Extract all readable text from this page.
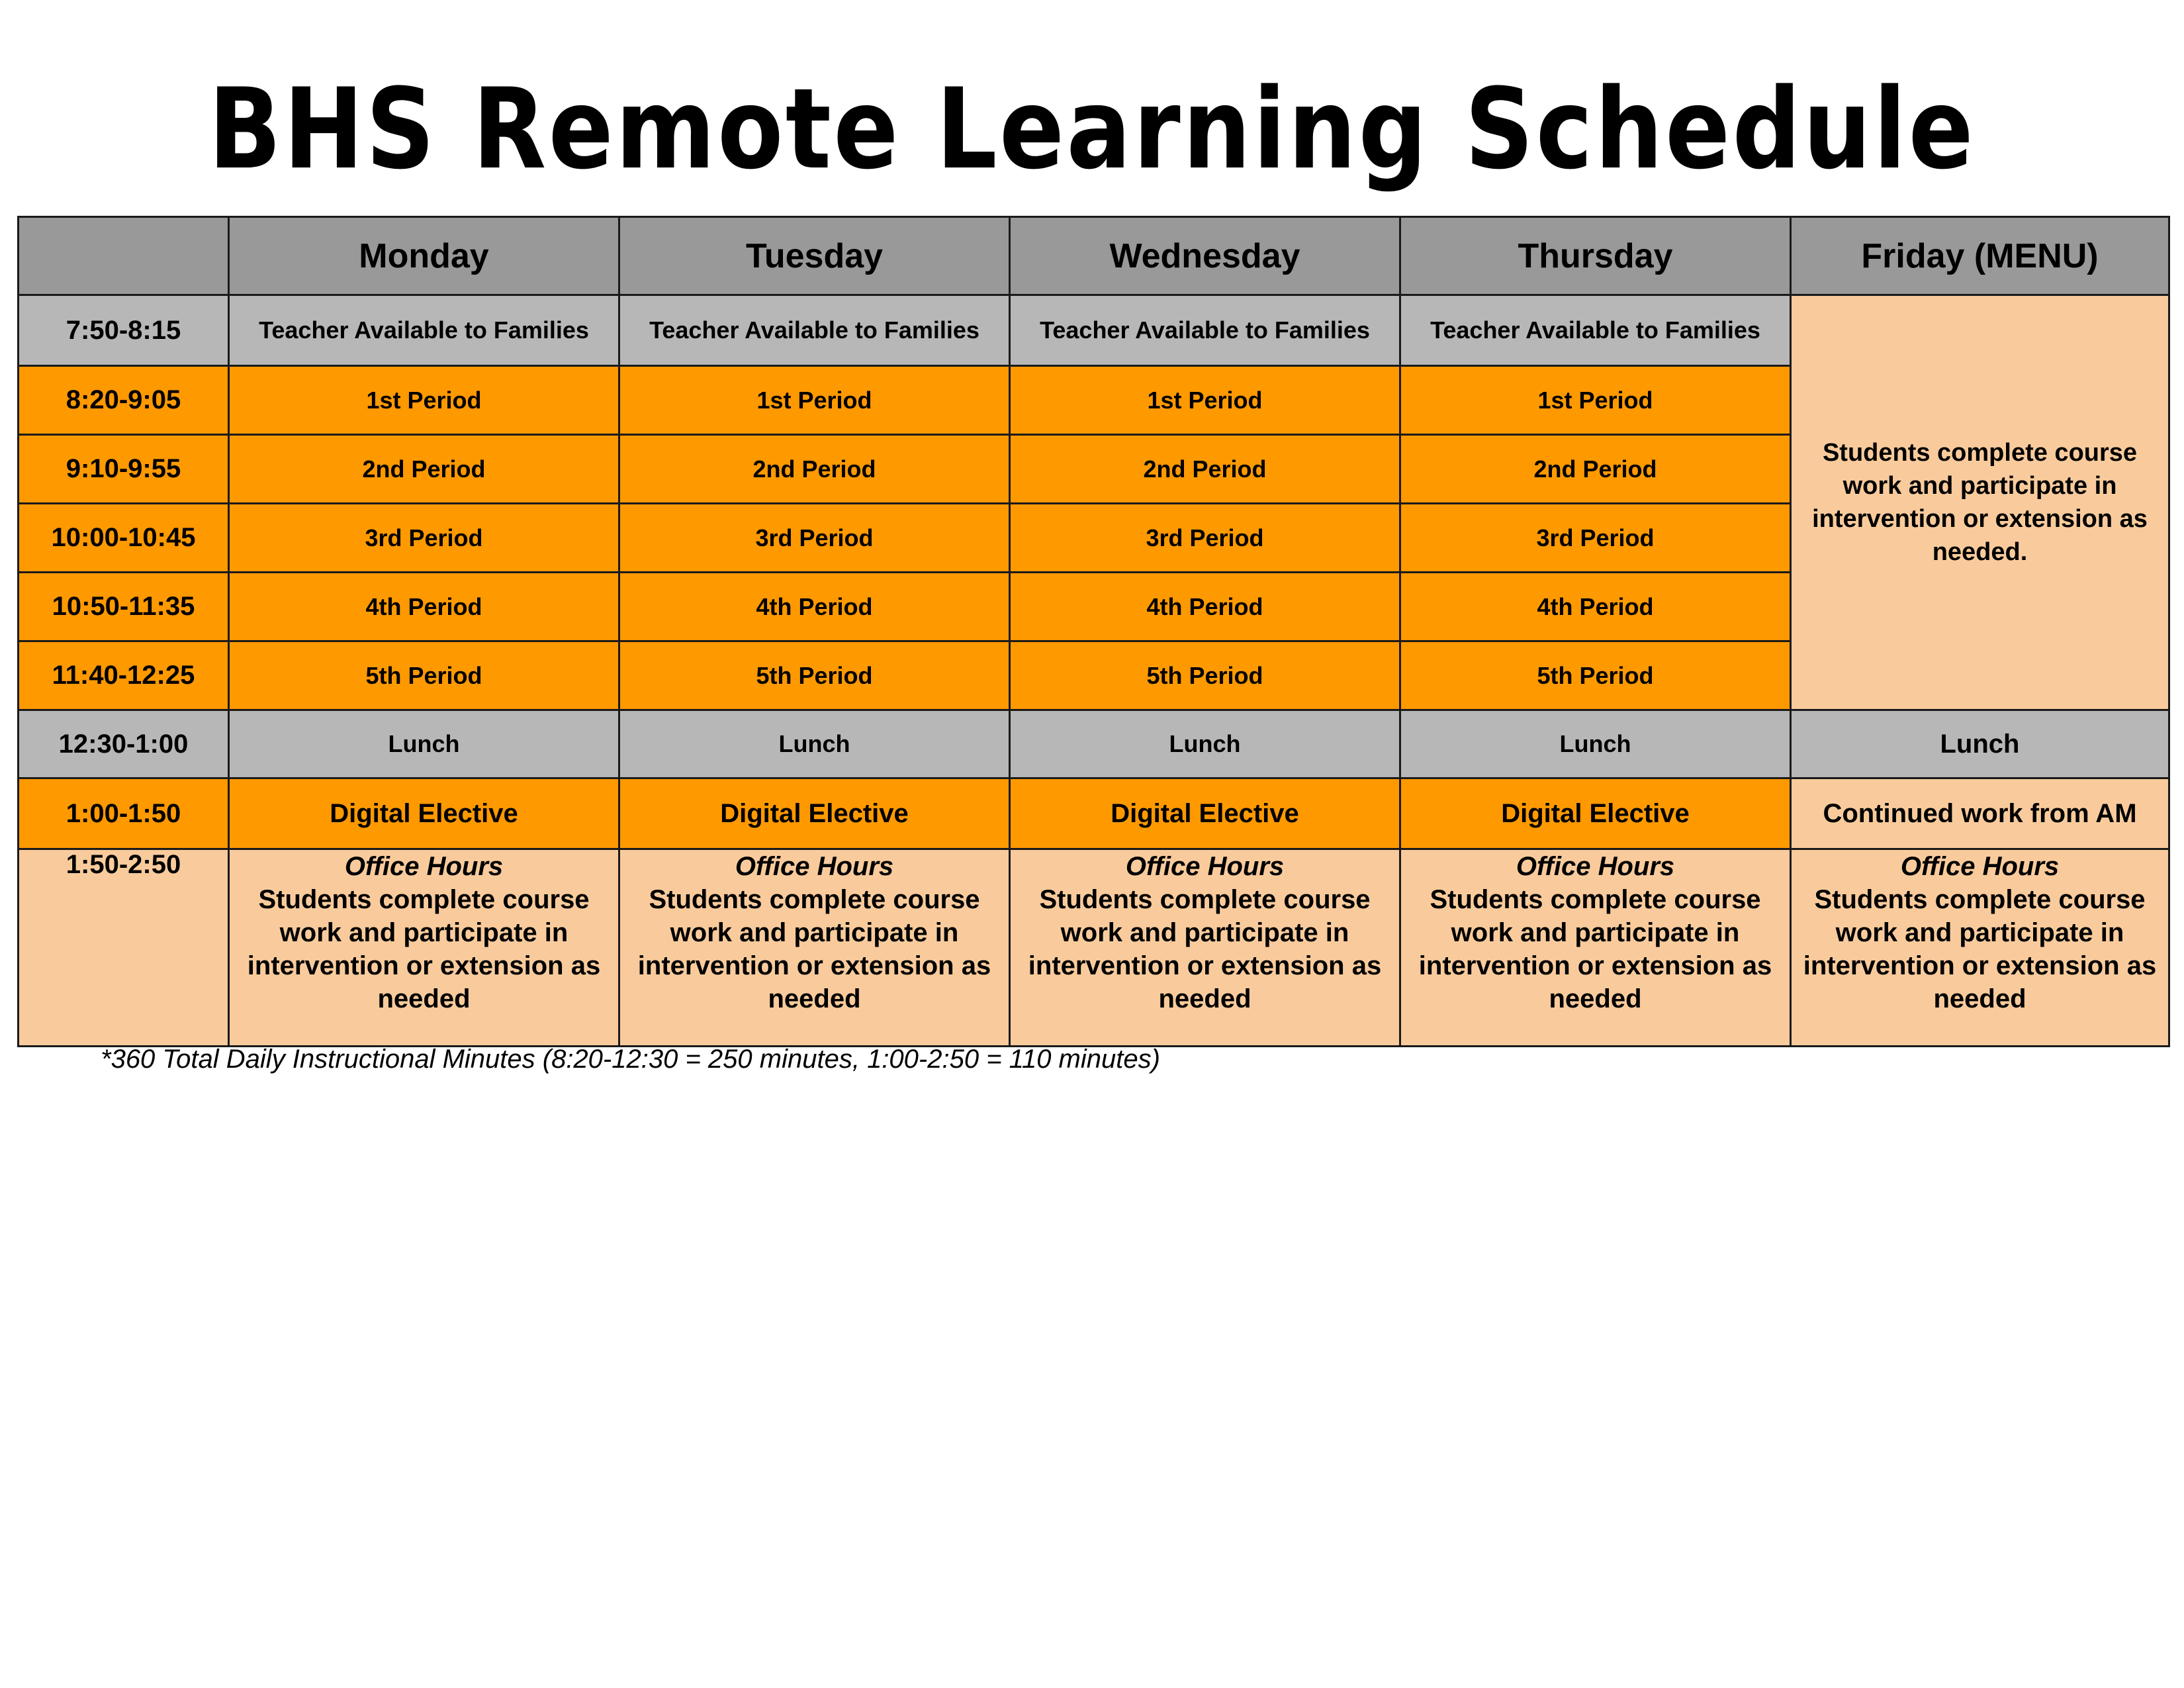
BHS Remote Learning Schedule
	Monday	Tuesday	Wednesday	Thursday	Friday (MENU)
7:50-8:15	Teacher Available to Families	Teacher Available to Families	Teacher Available to Families	Teacher Available to Families	Students complete course work and participate in intervention or extension as needed.

8:20-9:05	1st Period	1st Period	1st Period	1st Period	
9:10-9:55	2nd Period	2nd Period	2nd Period	2nd Period	
10:00-10:45	3rd Period	3rd Period	3rd Period	3rd Period	
10:50-11:35	4th Period	4th Period	4th Period	4th Period	
11:40-12:25	5th Period	5th Period	5th Period	5th Period	
12:30-1:00	Lunch	Lunch	Lunch	Lunch	Lunch
1:00-1:50	Digital Elective	Digital Elective	Digital Elective	Digital Elective	Continued work from AM
1:50-2:50	Office Hours
Students complete course
work and participate in
intervention or extension as
needed	Office Hours
Students complete course
work and participate in
intervention or extension as
needed	Office Hours
Students complete course
work and participate in
intervention or extension as
needed	Office Hours
Students complete course
work and participate in
intervention or extension as
needed	Office Hours
Students complete course
work and participate in
intervention or extension as
needed
*360 Total Daily Instructional Minutes (8:20-12:30 = 250 minutes, 1:00-2:50 = 110 minutes)
